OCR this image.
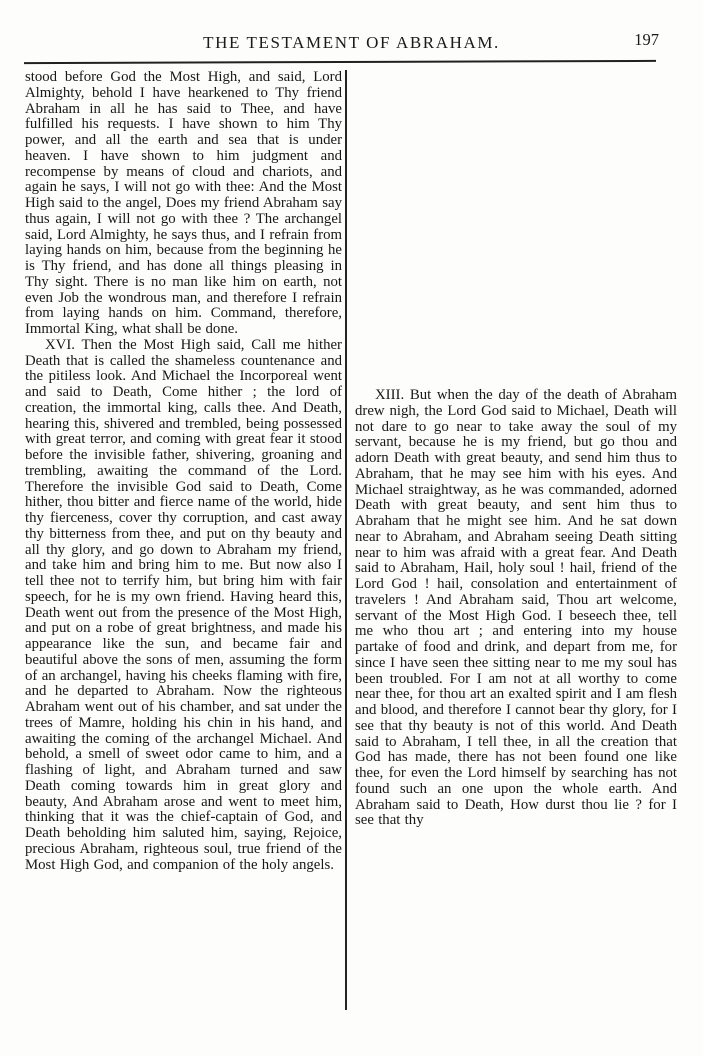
THE TESTAMENT OF ABRAHAM.	197

stood before God the Most High, and said, Lord Almighty, behold I have hearkened to Thy friend Abraham in all he has said to Thee, and have fulfilled his requests. I have shown to him Thy power, and all the earth and sea that is under heaven. I have shown to him judgment and recompense by means of cloud and chariots, and again he says, I will not go with thee: And the Most High said to the angel, Does my friend Abraham say thus again, I will not go with thee ? The archangel said, Lord Almighty, he says thus, and I refrain from laying hands on him, because from the beginning he is Thy friend, and has done all things pleasing in Thy sight. There is no man like him on earth, not even Job the wondrous man, and therefore I refrain from laying hands on him. Command, therefore, Immortal King, what shall be done.

XVI. Then the Most High said, Call me hither Death that is called the shameless countenance and the pitiless look. And Michael the Incorporeal went and said to Death, Come hither ; the lord of creation, the immortal king, calls thee. And Death, hearing this, shivered and trembled, being possessed with great terror, and coming with great fear it stood before the invisible father, shivering, groaning and trembling, awaiting the command of the Lord. Therefore the invisible God said to Death, Come hither, thou bitter and fierce name of the world, hide thy fierceness, cover thy corruption, and cast away thy bitterness from thee, and put on thy beauty and all thy glory, and go down to Abraham my friend, and take him and bring him to me. But now also I tell thee not to terrify him, but bring him with fair speech, for he is my own friend. Having heard this, Death went out from the presence of the Most High, and put on a robe of great brightness, and made his appearance like the sun, and became fair and beautiful above the sons of men, assuming the form of an archangel, having his cheeks flaming with fire, and he departed to Abraham. Now the righteous Abraham went out of his chamber, and sat under the trees of Mamre, holding his chin in his hand, and awaiting the coming of the archangel Michael. And behold, a smell of sweet odor came to him, and a flashing of light, and Abraham turned and saw Death coming towards him in great glory and beauty, And Abraham arose and went to meet him, thinking that it was the chief-captain of God, and Death beholding him saluted him, saying, Rejoice, precious Abraham, righteous soul, true friend of the Most High God, and companion of the holy angels.

XIII. But when the day of the death of Abraham drew nigh, the Lord God said to Michael, Death will not dare to go near to take away the soul of my servant, because he is my friend, but go thou and adorn Death with great beauty, and send him thus to Abraham, that he may see him with his eyes. And Michael straightway, as he was commanded, adorned Death with great beauty, and sent him thus to Abraham that he might see him. And he sat down near to Abraham, and Abraham seeing Death sitting near to him was afraid with a great fear. And Death said to Abraham, Hail, holy soul ! hail, friend of the Lord God ! hail, consolation and entertainment of travelers ! And Abraham said, Thou art welcome, servant of the Most High God. I beseech thee, tell me who thou art ; and entering into my house partake of food and drink, and depart from me, for since I have seen thee sitting near to me my soul has been troubled. For I am not at all worthy to come near thee, for thou art an exalted spirit and I am flesh and blood, and therefore I cannot bear thy glory, for I see that thy beauty is not of this world. And Death said to Abraham, I tell thee, in all the creation that God has made, there has not been found one like thee, for even the Lord himself by searching has not found such an one upon the whole earth. And Abraham said to Death, How durst thou lie ? for I see that thy
